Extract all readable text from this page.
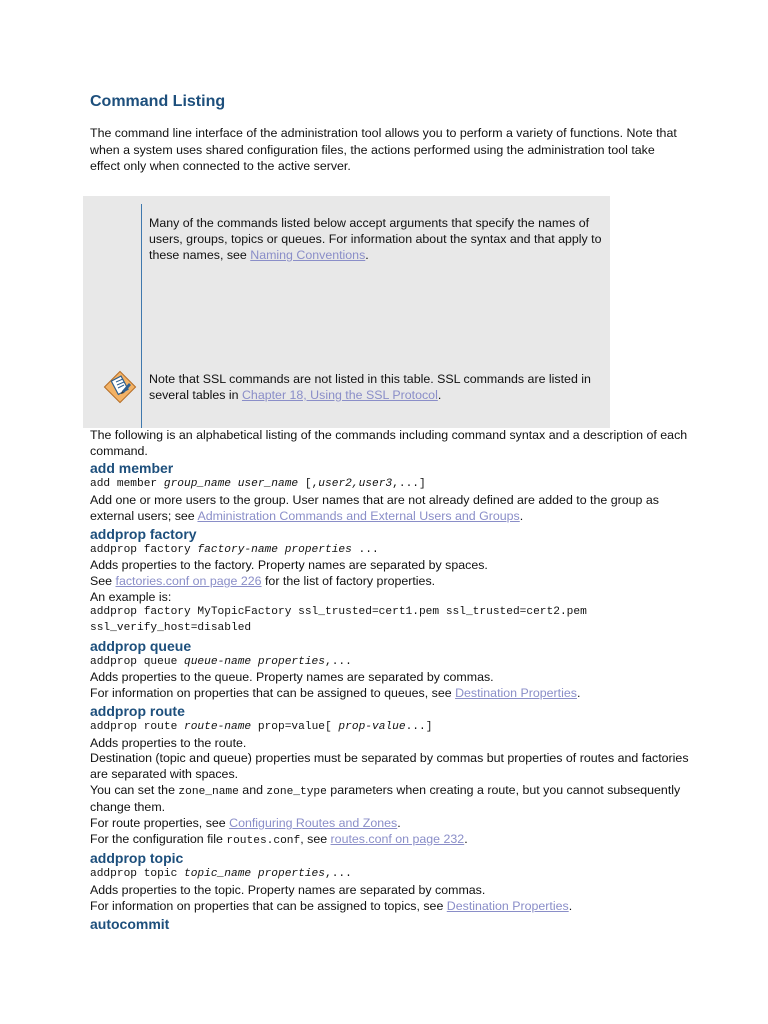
Command Listing

The command line interface of the administration tool allows you to perform a variety of functions. Note that when a system uses shared configuration files, the actions performed using the administration tool take effect only when connected to the active server.

Many of the commands listed below accept arguments that specify the names of users, groups, topics or queues. For information about the syntax and that apply to these names, see Naming Conventions.

Note that SSL commands are not listed in this table. SSL commands are listed in several tables in Chapter 18, Using the SSL Protocol.

The following is an alphabetical listing of the commands including command syntax and a description of each command.

add member

add member group_name user_name [,user2,user3,...]

Add one or more users to the group. User names that are not already defined are added to the group as external users; see Administration Commands and External Users and Groups.

addprop factory

addprop factory factory-name properties ...

Adds properties to the factory. Property names are separated by spaces.

See factories.conf on page 226 for the list of factory properties.

An example is:

addprop factory MyTopicFactory ssl_trusted=cert1.pem ssl_trusted=cert2.pem ssl_verify_host=disabled

addprop queue

addprop queue queue-name properties,...

Adds properties to the queue. Property names are separated by commas.

For information on properties that can be assigned to queues, see Destination Properties.

addprop route

addprop route route-name prop=value[ prop-value...]

Adds properties to the route.

Destination (topic and queue) properties must be separated by commas but properties of routes and factories are separated with spaces.

You can set the zone_name and zone_type parameters when creating a route, but you cannot subsequently change them.

For route properties, see Configuring Routes and Zones.

For the configuration file routes.conf, see routes.conf on page 232.

addprop topic

addprop topic topic_name properties,...

Adds properties to the topic. Property names are separated by commas.

For information on properties that can be assigned to topics, see Destination Properties.

autocommit
